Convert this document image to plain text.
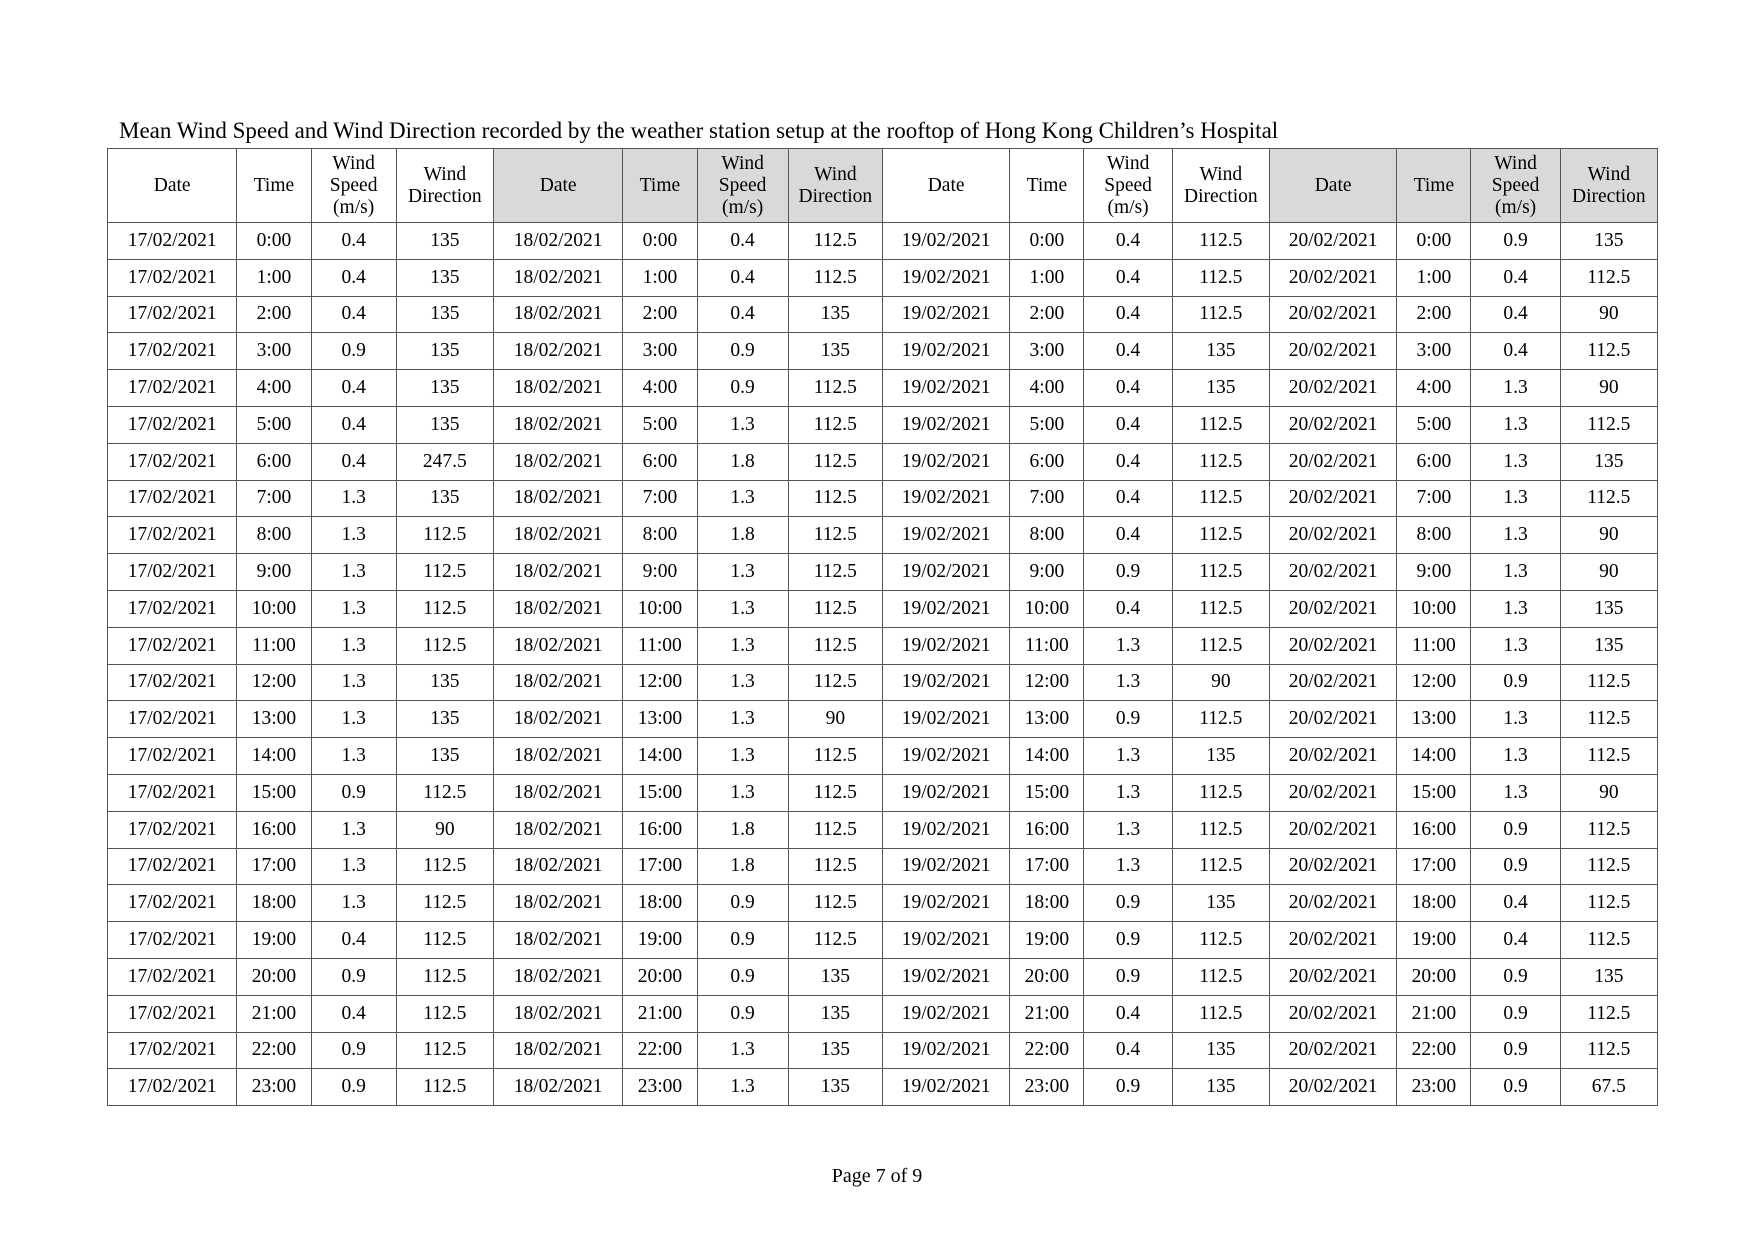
Mean Wind Speed and Wind Direction recorded by the weather station setup at the rooftop of Hong Kong Children’s Hospital
Date	Time	Wind
Speed
(m/s)	Wind
Direction	Date	Time	Wind
Speed
(m/s)	Wind
Direction	Date	Time	Wind
Speed
(m/s)	Wind
Direction	Date	Time	Wind
Speed
(m/s)	Wind
Direction
17/02/2021	0:00	0.4	135	18/02/2021	0:00	0.4	112.5	19/02/2021	0:00	0.4	112.5	20/02/2021	0:00	0.9	135
17/02/2021	1:00	0.4	135	18/02/2021	1:00	0.4	112.5	19/02/2021	1:00	0.4	112.5	20/02/2021	1:00	0.4	112.5
17/02/2021	2:00	0.4	135	18/02/2021	2:00	0.4	135	19/02/2021	2:00	0.4	112.5	20/02/2021	2:00	0.4	90
17/02/2021	3:00	0.9	135	18/02/2021	3:00	0.9	135	19/02/2021	3:00	0.4	135	20/02/2021	3:00	0.4	112.5
17/02/2021	4:00	0.4	135	18/02/2021	4:00	0.9	112.5	19/02/2021	4:00	0.4	135	20/02/2021	4:00	1.3	90
17/02/2021	5:00	0.4	135	18/02/2021	5:00	1.3	112.5	19/02/2021	5:00	0.4	112.5	20/02/2021	5:00	1.3	112.5
17/02/2021	6:00	0.4	247.5	18/02/2021	6:00	1.8	112.5	19/02/2021	6:00	0.4	112.5	20/02/2021	6:00	1.3	135
17/02/2021	7:00	1.3	135	18/02/2021	7:00	1.3	112.5	19/02/2021	7:00	0.4	112.5	20/02/2021	7:00	1.3	112.5
17/02/2021	8:00	1.3	112.5	18/02/2021	8:00	1.8	112.5	19/02/2021	8:00	0.4	112.5	20/02/2021	8:00	1.3	90
17/02/2021	9:00	1.3	112.5	18/02/2021	9:00	1.3	112.5	19/02/2021	9:00	0.9	112.5	20/02/2021	9:00	1.3	90
17/02/2021	10:00	1.3	112.5	18/02/2021	10:00	1.3	112.5	19/02/2021	10:00	0.4	112.5	20/02/2021	10:00	1.3	135
17/02/2021	11:00	1.3	112.5	18/02/2021	11:00	1.3	112.5	19/02/2021	11:00	1.3	112.5	20/02/2021	11:00	1.3	135
17/02/2021	12:00	1.3	135	18/02/2021	12:00	1.3	112.5	19/02/2021	12:00	1.3	90	20/02/2021	12:00	0.9	112.5
17/02/2021	13:00	1.3	135	18/02/2021	13:00	1.3	90	19/02/2021	13:00	0.9	112.5	20/02/2021	13:00	1.3	112.5
17/02/2021	14:00	1.3	135	18/02/2021	14:00	1.3	112.5	19/02/2021	14:00	1.3	135	20/02/2021	14:00	1.3	112.5
17/02/2021	15:00	0.9	112.5	18/02/2021	15:00	1.3	112.5	19/02/2021	15:00	1.3	112.5	20/02/2021	15:00	1.3	90
17/02/2021	16:00	1.3	90	18/02/2021	16:00	1.8	112.5	19/02/2021	16:00	1.3	112.5	20/02/2021	16:00	0.9	112.5
17/02/2021	17:00	1.3	112.5	18/02/2021	17:00	1.8	112.5	19/02/2021	17:00	1.3	112.5	20/02/2021	17:00	0.9	112.5
17/02/2021	18:00	1.3	112.5	18/02/2021	18:00	0.9	112.5	19/02/2021	18:00	0.9	135	20/02/2021	18:00	0.4	112.5
17/02/2021	19:00	0.4	112.5	18/02/2021	19:00	0.9	112.5	19/02/2021	19:00	0.9	112.5	20/02/2021	19:00	0.4	112.5
17/02/2021	20:00	0.9	112.5	18/02/2021	20:00	0.9	135	19/02/2021	20:00	0.9	112.5	20/02/2021	20:00	0.9	135
17/02/2021	21:00	0.4	112.5	18/02/2021	21:00	0.9	135	19/02/2021	21:00	0.4	112.5	20/02/2021	21:00	0.9	112.5
17/02/2021	22:00	0.9	112.5	18/02/2021	22:00	1.3	135	19/02/2021	22:00	0.4	135	20/02/2021	22:00	0.9	112.5
17/02/2021	23:00	0.9	112.5	18/02/2021	23:00	1.3	135	19/02/2021	23:00	0.9	135	20/02/2021	23:00	0.9	67.5
Page 7 of 9
